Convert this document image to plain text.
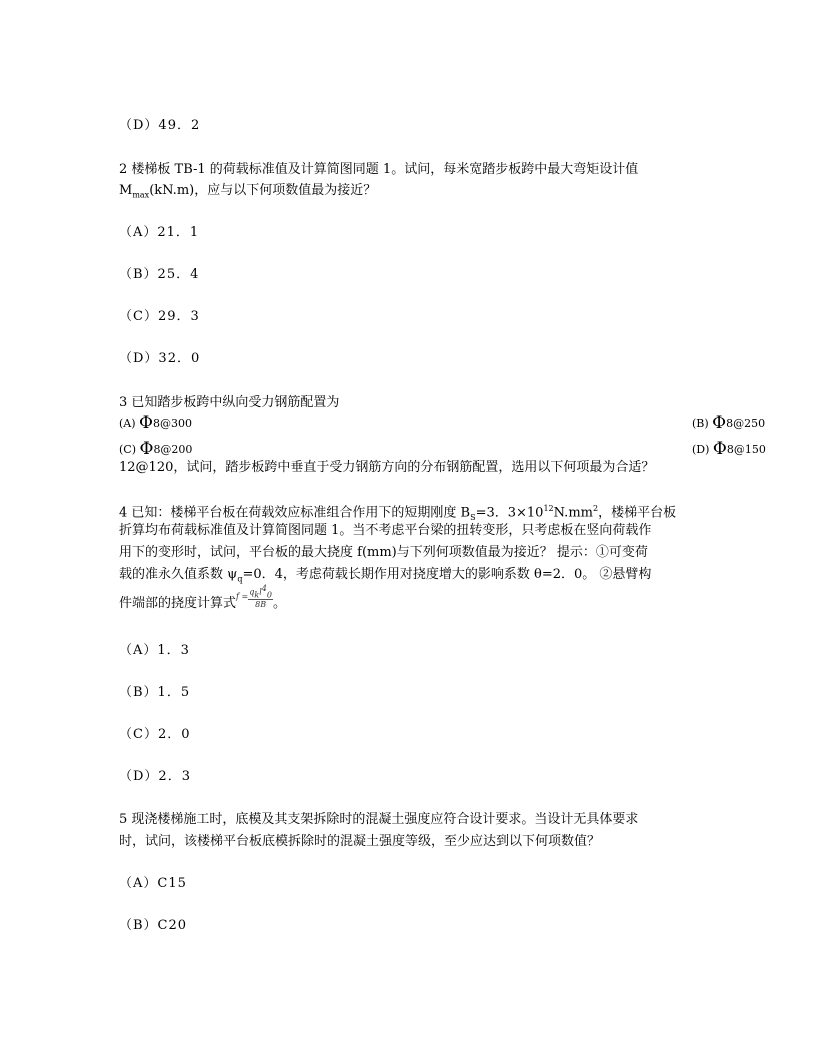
（D）49．2
2 楼梯板 TB-1 的荷载标准值及计算简图同题 1。试问，每米宽踏步板跨中最大弯矩设计值
$M_{max}(kN.m)$，应与以下何项数值最为接近？
（A）21．1
（B）25．4
（C）29．3
（D）32．0
3 已知踏步板跨中纵向受力钢筋配置为
(A) Φ8@300	(B) Φ8@250
(C) Φ8@200	(D) Φ8@150
12@120，试问，踏步板跨中垂直于受力钢筋方向的分布钢筋配置，选用以下何项最为合适？
4 已知：楼梯平台板在荷载效应标准组合作用下的短期刚度 $B_S=3$．$3\times 10^{12}N.mm^2$，楼梯平台板
折算均布荷载标准值及计算简图同题 1。当不考虑平台梁的扭转变形，只考虑板在竖向荷载作
用下的变形时，试问，平台板的最大挠度 f(mm)与下列何项数值最为接近？ 提示：①可变荷
载的准永久值系数 $\psi_q=0$．4，考虑荷载长期作用对挠度增大的影响系数 θ=2．0。 ②悬臂构
件端部的挠度计算式$f = \frac{q_kl^4_0}{8B}$ 。
（A）1．3
（B）1．5
（C）2．0
（D）2．3
5 现浇楼梯施工时，底模及其支架拆除时的混凝土强度应符合设计要求。当设计无具体要求
时，试问，该楼梯平台板底模拆除时的混凝土强度等级，至少应达到以下何项数值？
（A）C15
（B）C20
